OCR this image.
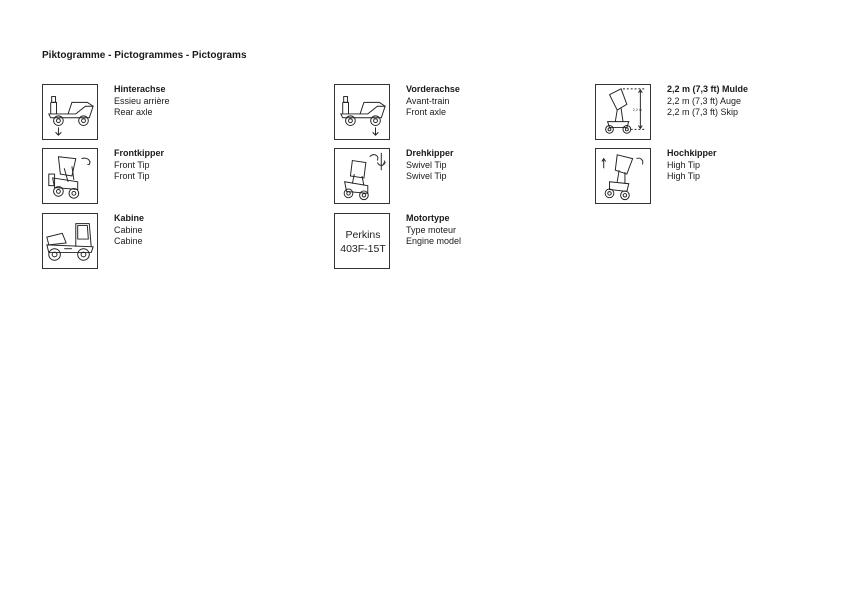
Piktogramme - Pictogrammes - Pictograms
Hinterachse
Essieu arrière
Rear axle
Vorderachse
Avant-train
Front axle	2,2 m
2,2 m (7,3 ft) Mulde
2,2 m (7,3 ft) Auge
2,2 m (7,3 ft) Skip
Frontkipper
Front Tip
Front Tip
Drehkipper
Swivel Tip
Swivel Tip
Hochkipper
High Tip
High Tip
Kabine
Cabine
Cabine	Perkins
403F-15T
Motortype
Type moteur
Engine model
